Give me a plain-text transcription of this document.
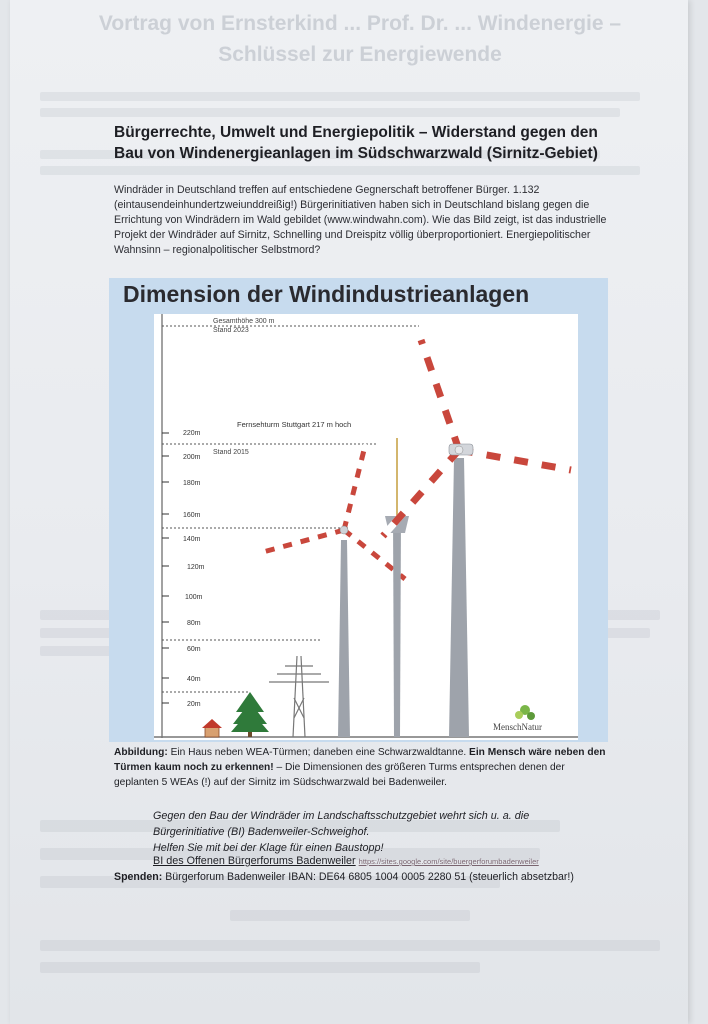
Vortrag von Ernsterkind ... Prof. Dr. ... Windenergie – Schlüssel zur Energiewende
Bürgerrechte, Umwelt und Energiepolitik – Widerstand gegen den Bau von Windenergieanlagen im Südschwarzwald (Sirnitz-Gebiet)
Windräder in Deutschland treffen auf entschiedene Gegnerschaft betroffener Bürger. 1.132 (eintausendeinhundertzweiunddreißig!) Bürgerinitiativen haben sich in Deutschland bislang gegen die Errichtung von Windrädern im Wald gebildet (www.windwahn.com). Wie das Bild zeigt, ist das industrielle Projekt der Windräder auf Sirnitz, Schnelling und Dreispitz völlig überproportioniert. Energiepolitischer Wahnsinn – regionalpolitischer Selbstmord?
Dimension der Windindustrieanlagen
Gesamthöhe 300 m
Stand 2023
Fernsehturm Stuttgart 217 m hoch
Stand 2015
220m
200m
180m
160m
140m
120m
100m
80m
60m
40m
20m
MenschNatur
Abbildung: Ein Haus neben WEA-Türmen; daneben eine Schwarzwaldtanne. Ein Mensch wäre neben den Türmen kaum noch zu erkennen! – Die Dimensionen des größeren Turms entsprechen denen der geplanten 5 WEAs (!) auf der Sirnitz im Südschwarzwald bei Badenweiler.
Gegen den Bau der Windräder im Landschaftsschutzgebiet wehrt sich u. a. die
Bürgerinitiative (BI) Badenweiler-Schweighof.
Helfen Sie mit bei der Klage für einen Baustopp!
BI des Offenen Bürgerforums Badenweiler https://sites.google.com/site/buergerforumbadenweiler
Spenden: Bürgerforum Badenweiler IBAN: DE64 6805 1004 0005 2280 51 (steuerlich absetzbar!)
